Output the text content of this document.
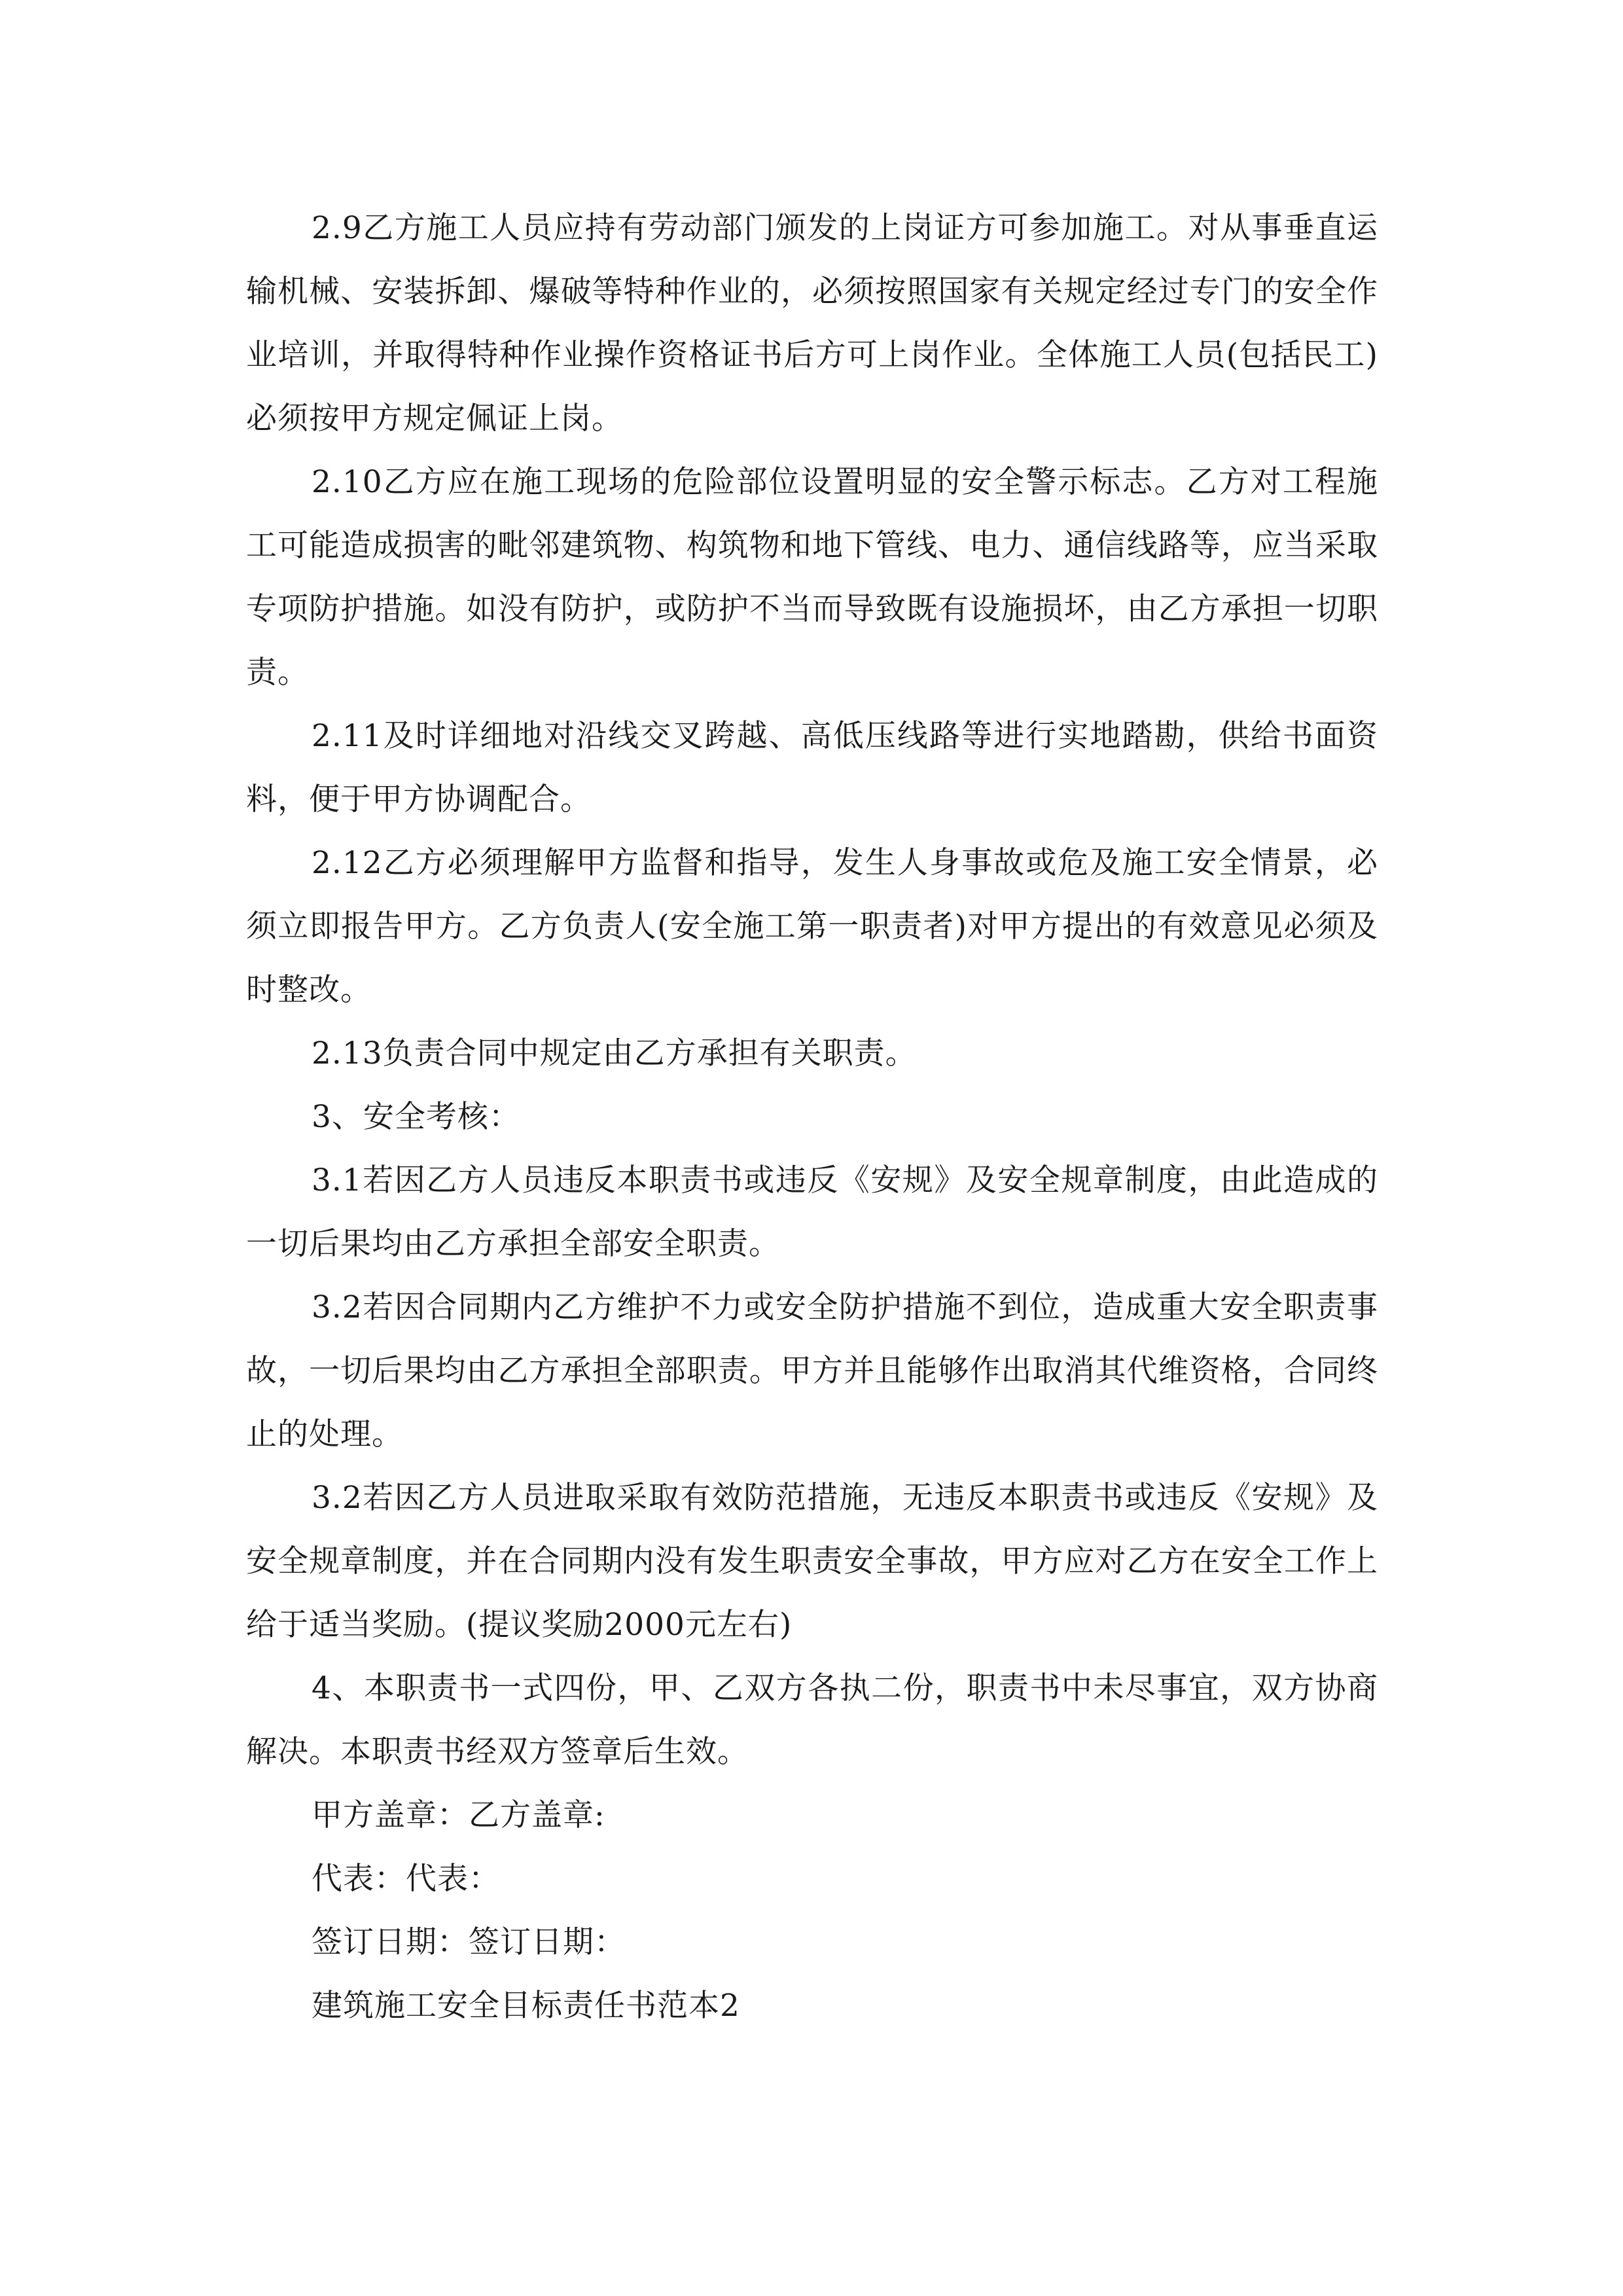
2.9乙方施工人员应持有劳动部门颁发的上岗证方可参加施工。对从事垂直运输机械、安装拆卸、爆破等特种作业的，必须按照国家有关规定经过专门的安全作业培训，并取得特种作业操作资格证书后方可上岗作业。全体施工人员(包括民工)必须按甲方规定佩证上岗。

2.10乙方应在施工现场的危险部位设置明显的安全警示标志。乙方对工程施工可能造成损害的毗邻建筑物、构筑物和地下管线、电力、通信线路等，应当采取专项防护措施。如没有防护，或防护不当而导致既有设施损坏，由乙方承担一切职责。

2.11及时详细地对沿线交叉跨越、高低压线路等进行实地踏勘，供给书面资料，便于甲方协调配合。

2.12乙方必须理解甲方监督和指导，发生人身事故或危及施工安全情景，必须立即报告甲方。乙方负责人(安全施工第一职责者)对甲方提出的有效意见必须及时整改。

2.13负责合同中规定由乙方承担有关职责。

3、安全考核：

3.1若因乙方人员违反本职责书或违反《安规》及安全规章制度，由此造成的一切后果均由乙方承担全部安全职责。

3.2若因合同期内乙方维护不力或安全防护措施不到位，造成重大安全职责事故，一切后果均由乙方承担全部职责。甲方并且能够作出取消其代维资格，合同终止的处理。

3.2若因乙方人员进取采取有效防范措施，无违反本职责书或违反《安规》及安全规章制度，并在合同期内没有发生职责安全事故，甲方应对乙方在安全工作上给于适当奖励。(提议奖励2000元左右)

4、本职责书一式四份，甲、乙双方各执二份，职责书中未尽事宜，双方协商解决。本职责书经双方签章后生效。

甲方盖章：乙方盖章:

代表：代表：

签订日期：签订日期：

建筑施工安全目标责任书范本2
